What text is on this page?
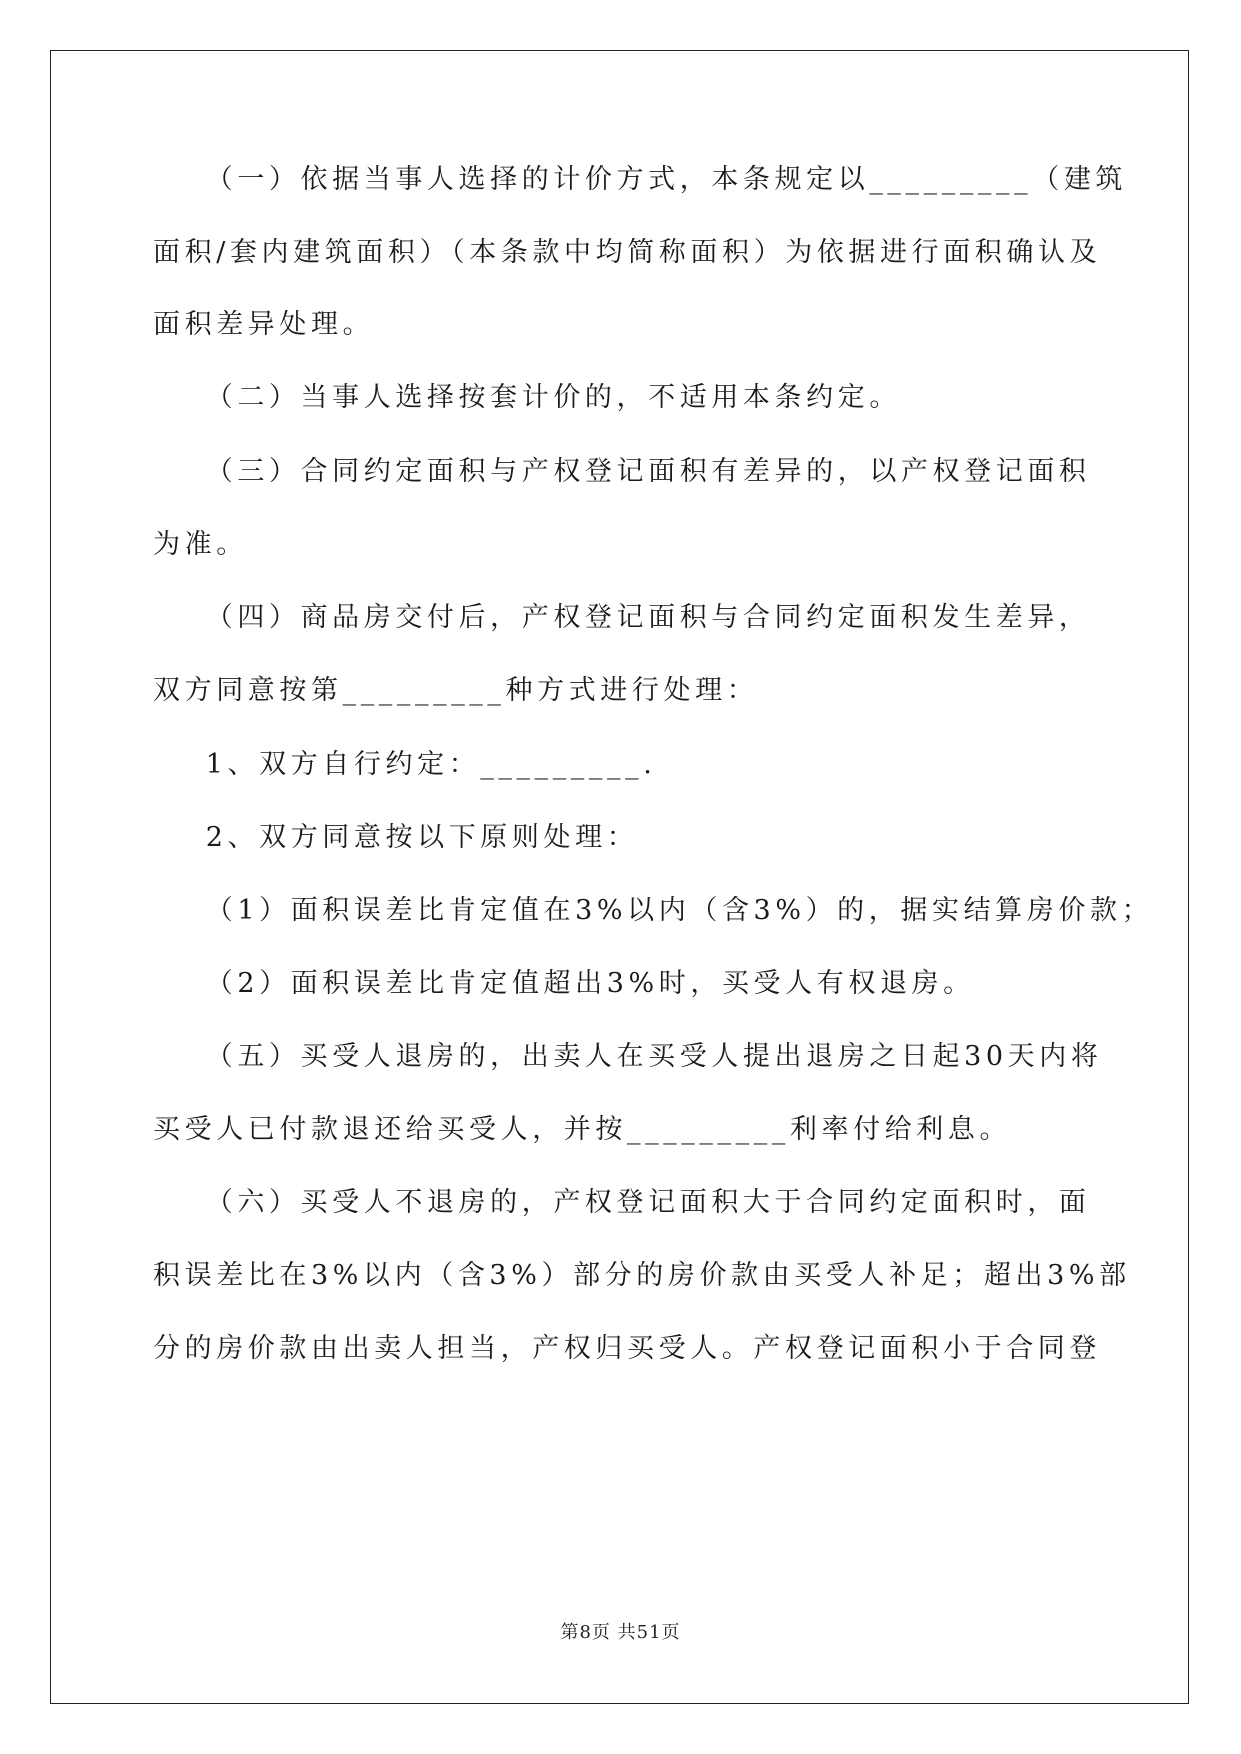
（一）依据当事人选择的计价方式，本条规定以_________（建筑
面积/套内建筑面积）（本条款中均简称面积）为依据进行面积确认及
面积差异处理。
（二）当事人选择按套计价的，不适用本条约定。
（三）合同约定面积与产权登记面积有差异的，以产权登记面积
为准。
（四）商品房交付后，产权登记面积与合同约定面积发生差异，
双方同意按第_________种方式进行处理：
1、双方自行约定：_________.
2、双方同意按以下原则处理：
（1）面积误差比肯定值在3%以内（含3%）的，据实结算房价款；
（2）面积误差比肯定值超出3%时，买受人有权退房。
（五）买受人退房的，出卖人在买受人提出退房之日起30天内将
买受人已付款退还给买受人，并按_________利率付给利息。
（六）买受人不退房的，产权登记面积大于合同约定面积时，面
积误差比在3%以内（含3%）部分的房价款由买受人补足；超出3%部
分的房价款由出卖人担当，产权归买受人。产权登记面积小于合同登
第8页 共51页
